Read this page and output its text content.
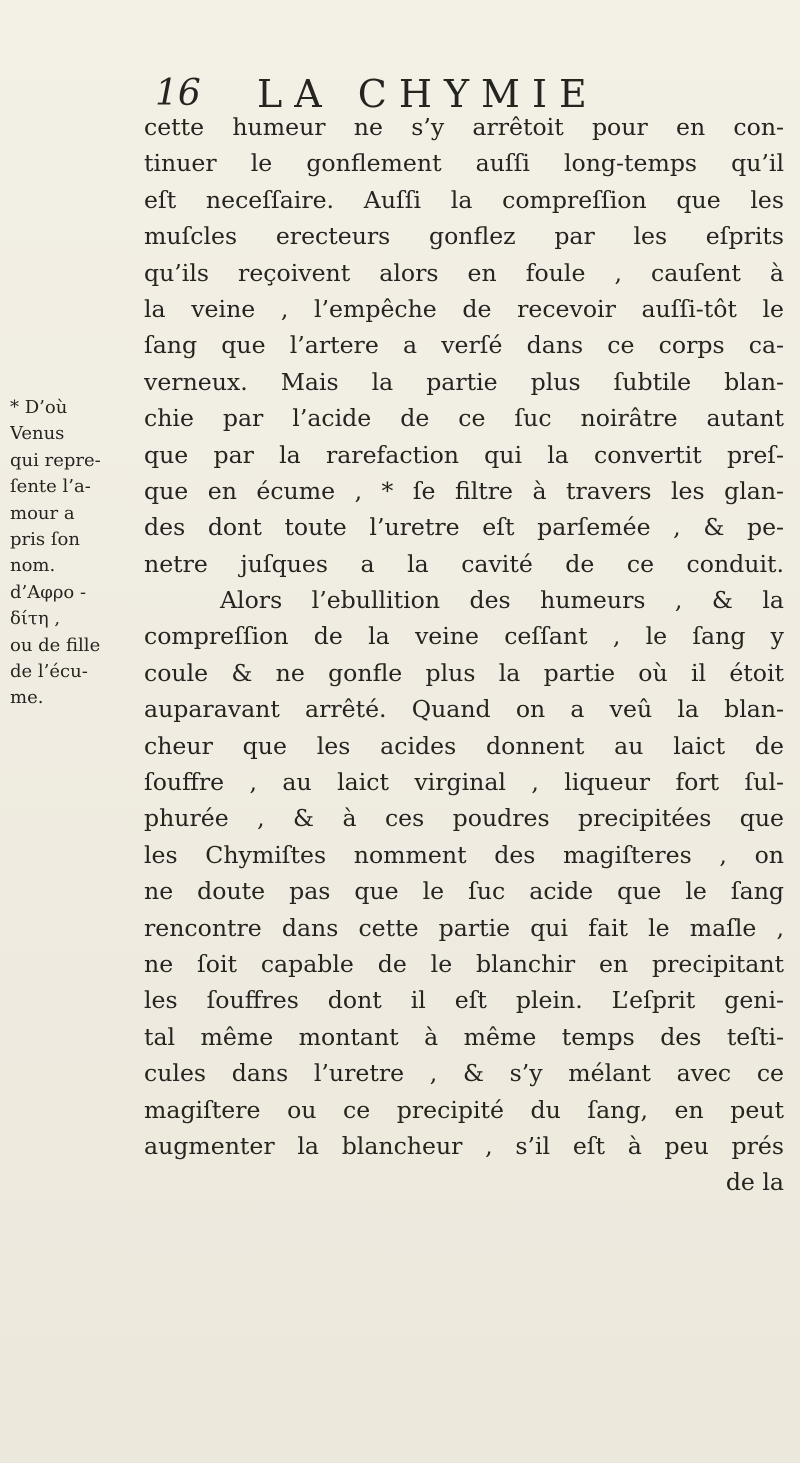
16 LA CHYMIE
* D’où
Venus
qui repre-
ſente l’a-
mour a
pris ſon
nom.
d’Αφρο -
δίτη ,
ou de fille
de l’écu-
me.
cette humeur ne s’y arrêtoit pour en con-
tinuer le gonflement auſſi long-temps qu’il
eſt neceſſaire. Auſſi la compreſſion que les
muſcles erecteurs gonflez par les eſprits
qu’ils reçoivent alors en foule , cauſent à
la veine , l’empêche de recevoir auſſi-tôt le
ſang que l’artere a verſé dans ce corps ca-
verneux. Mais la partie plus ſubtile blan-
chie par l’acide de ce ſuc noirâtre autant
que par la rarefaction qui la convertit preſ-
que en écume , * ſe filtre à travers les glan-
des dont toute l’uretre eſt parſemée , & pe-
netre juſques a la cavité de ce conduit.
Alors l’ebullition des humeurs , & la
compreſſion de la veine ceſſant , le ſang y
coule & ne gonfle plus la partie où il étoit
auparavant arrêté. Quand on a veû la blan-
cheur que les acides donnent au laict de
ſouffre , au laict virginal , liqueur fort ſul-
phurée , & à ces poudres precipitées que
les Chymiſtes nomment des magiſteres , on
ne doute pas que le ſuc acide que le ſang
rencontre dans cette partie qui fait le maſle ,
ne ſoit capable de le blanchir en precipitant
les ſouffres dont il eſt plein. L’eſprit geni-
tal même montant à même temps des teſti-
cules dans l’uretre , & s’y mélant avec ce
magiſtere ou ce precipité du ſang, en peut
augmenter la blancheur , s’il eſt à peu prés
de la
